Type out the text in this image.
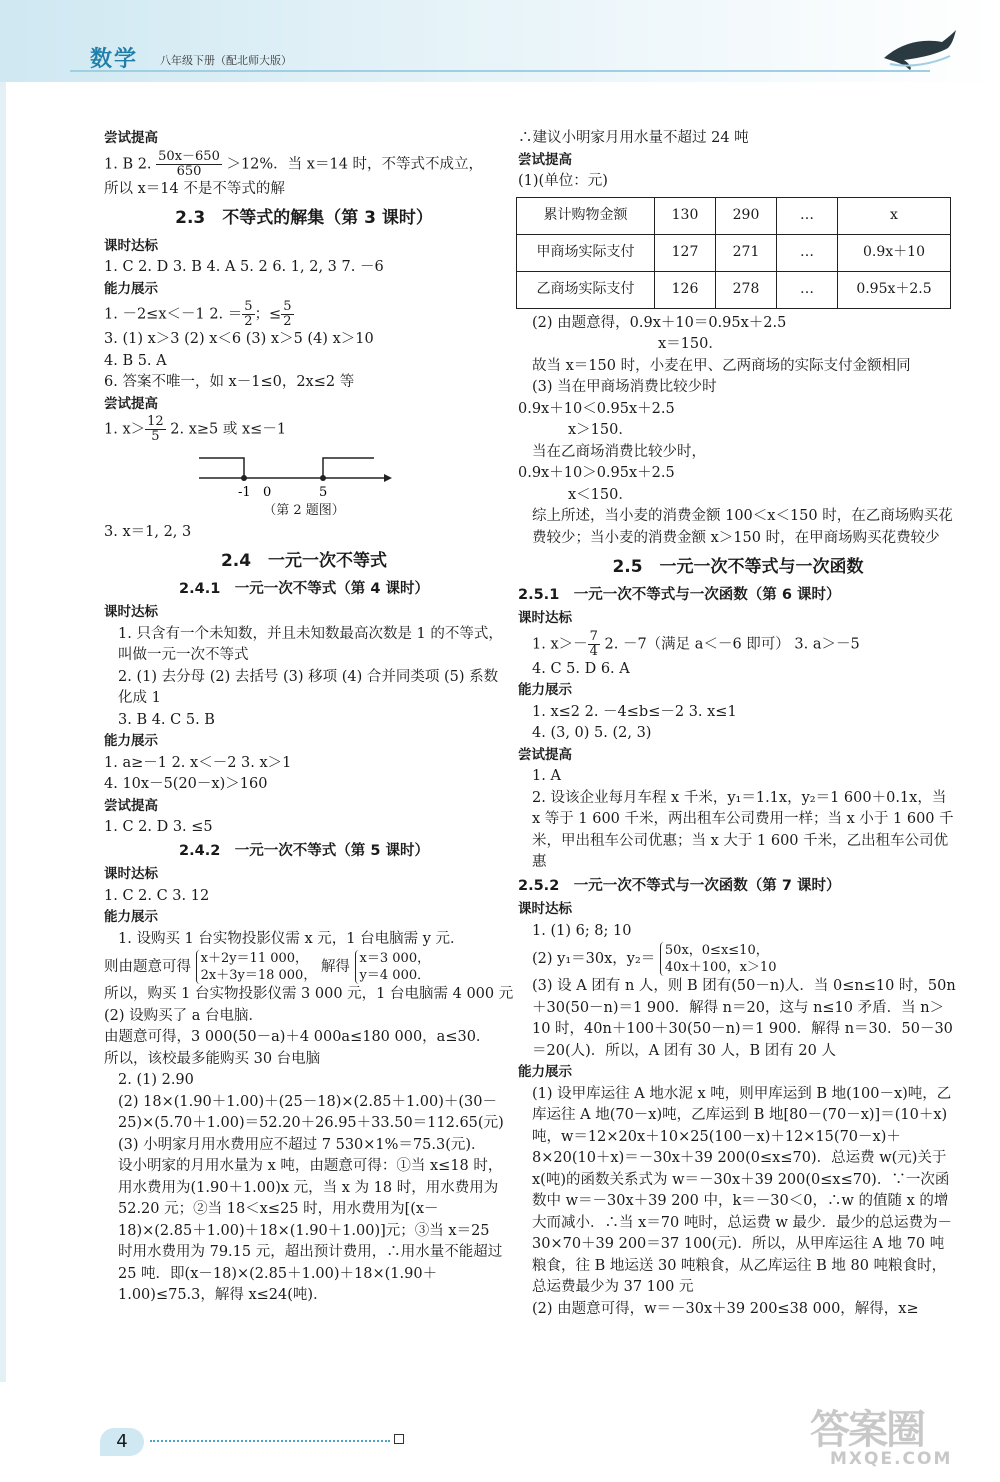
数学 八年级下册（配北师大版）

尝试提高

1. B 2. $\frac{50x-650}{650} >12\%$．当 x＝14 时，不等式不成立，

所以 x＝14 不是不等式的解

2.3　不等式的解集（第 3 课时）

课时达标

1. C 2. D 3. B 4. A 5. 2 6. 1, 2, 3 7. －6

能力展示

1. －2≤x＜－1 2. ＝ $\frac{5}{2}$ ；≤ $\frac{5}{2}$

3. (1) x＞3 (2) x＜6 (3) x＞5 (4) x＞10

4. B 5. A

6. 答案不唯一，如 x－1≤0，2x≤2 等

尝试提高

1. $x> \frac{12}{5} 2$. x≥5 或 x≤－1

-1 0	5

（第 2 题图）

3. x＝1, 2, 3

2.4　一元一次不等式

2.4.1　一元一次不等式（第 4 课时）

课时达标

1. 只含有一个未知数，并且未知数最高次数是 1 的不等式，叫做一元一次不等式

2. (1) 去分母 (2) 去括号 (3) 移项 (4) 合并同类项 (5) 系数化成 1

3. B 4. C 5. B

能力展示

1. a≥－1 2. x＜－2 3. x＞1

4. 10x－5(20－x)＞160

尝试提高

1. C 2. D 3. ≤5

2.4.2　一元一次不等式（第 5 课时）

课时达标

1. C 2. C 3. 12

能力展示

1. 设购买 1 台实物投影仪需 x 元，1 台电脑需 y 元．

则由题意可得
x＋2y＝11 000，
2x＋3y＝18 000，
解得
x＝3 000，
y＝4 000．

所以，购买 1 台实物投影仪需 3 000 元，1 台电脑需 4 000 元

(2) 设购买了 a 台电脑．

由题意可得，3 000(50－a)＋4 000a≤180 000，a≤30．

所以，该校最多能购买 30 台电脑

2. (1) 2.90

(2) 18×(1.90＋1.00)＋(25－18)×(2.85＋1.00)＋(30－25)×(5.70＋1.00)＝52.20＋26.95＋33.50＝112.65(元)

(3) 小明家月用水费用应不超过 7 530×1%＝75.3(元)．

设小明家的月用水量为 x 吨，由题意可得：①当 x≤18 时，用水费用为(1.90＋1.00)x 元，当 x 为 18 时，用水费用为 52.20 元；②当 18＜x≤25 时，用水费用为[(x－18)×(2.85＋1.00)＋18×(1.90＋1.00)]元；③当 x＝25 时用水费用为 79.15 元，超出预计费用，∴用水量不能超过 25 吨．即(x－18)×(2.85＋1.00)＋18×(1.90＋1.00)≤75.3，解得 x≤24(吨)．

∴建议小明家月用水量不超过 24 吨

尝试提高

(1)(单位：元)

累计购物金额	130	290	…	x
甲商场实际支付	127	271	…	0.9x＋10
乙商场实际支付	126	278	…	0.95x＋2.5

(2) 由题意得，0.9x＋10＝0.95x＋2.5

x＝150．

故当 x＝150 时，小麦在甲、乙两商场的实际支付金额相同

(3) 当在甲商场消费比较少时

0.9x＋10＜0.95x＋2.5

x＞150．

当在乙商场消费比较少时，

0.9x＋10＞0.95x＋2.5

x＜150．

综上所述，当小麦的消费金额 100＜x＜150 时，在乙商场购买花费较少；当小麦的消费金额 x＞150 时，在甲商场购买花费较少

2.5　一元一次不等式与一次函数

2.5.1　一元一次不等式与一次函数（第 6 课时）

课时达标

1. $x>- \frac{7}{4} 2$. －7（满足 a＜－6 即可） 3. a＞－5

4. C 5. D 6. A

能力展示

1. x≤2 2. －4≤b≤－2 3. x≤1

4. (3, 0) 5. (2, 3)

尝试提高

1. A

2. 设该企业每月车程 x 千米，y₁＝1.1x，y₂＝1 600＋0.1x，当 x 等于 1 600 千米，两出租车公司费用一样；当 x 小于 1 600 千米，甲出租车公司优惠；当 x 大于 1 600 千米，乙出租车公司优惠

2.5.2　一元一次不等式与一次函数（第 7 课时）

课时达标

1. (1) 6; 8; 10

(2) y₁＝30x，y₂＝
50x，0≤x≤10，
40x＋100，x＞10

(3) 设 A 团有 n 人，则 B 团有(50－n)人．当 0≤n≤10 时，50n＋30(50－n)＝1 900．解得 n＝20，这与 n≤10 矛盾．当 n＞10 时，40n＋100＋30(50－n)＝1 900．解得 n＝30．50－30＝20(人)．所以，A 团有 30 人，B 团有 20 人

能力展示

(1) 设甲库运往 A 地水泥 x 吨，则甲库运到 B 地(100－x)吨，乙库运往 A 地(70－x)吨，乙库运到 B 地[80－(70－x)]＝(10＋x)吨，w＝12×20x＋10×25(100－x)＋12×15(70－x)＋8×20(10＋x)＝－30x＋39 200(0≤x≤70)．总运费 w(元)关于 x(吨)的函数关系式为 w＝－30x＋39 200(0≤x≤70)．∵一次函数中 w＝－30x＋39 200 中，k＝－30＜0，∴w 的值随 x 的增大而减小．∴当 x＝70 吨时，总运费 w 最少．最少的总运费为－30×70＋39 200＝37 100(元)．所以，从甲库运往 A 地 70 吨粮食，往 B 地运送 30 吨粮食，从乙库运往 B 地 80 吨粮食时，总运费最少为 37 100 元

(2) 由题意可得，w＝－30x＋39 200≤38 000，解得，x≥

4	答案圈
MXQE.COM
